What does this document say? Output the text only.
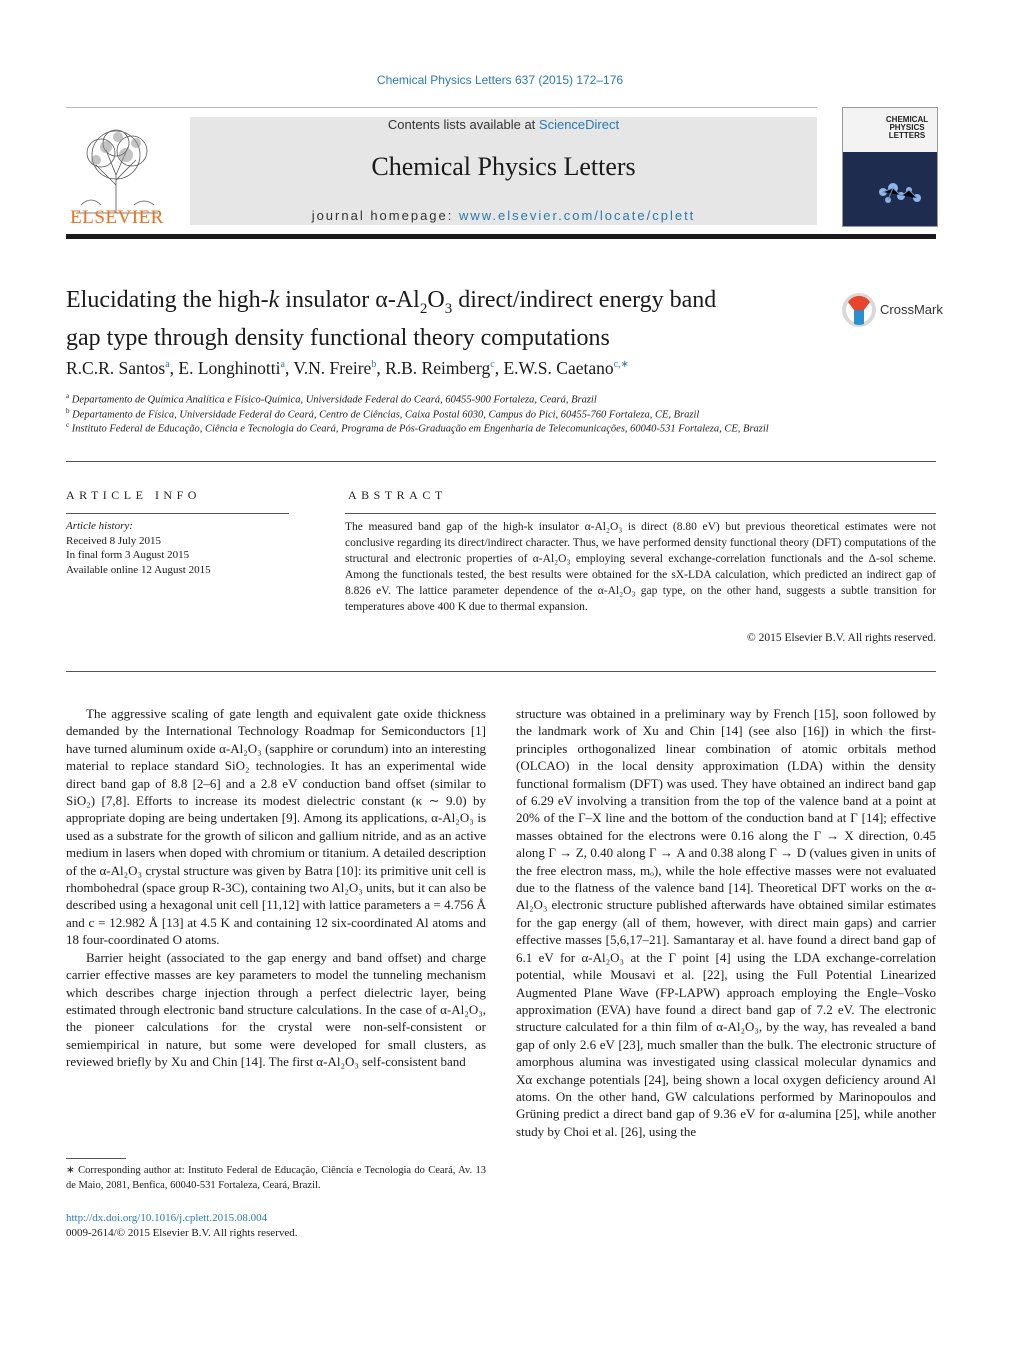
Chemical Physics Letters 637 (2015) 172–176
ELSEVIER
Contents lists available at ScienceDirect
Chemical Physics Letters
journal homepage: www.elsevier.com/locate/cplett
CHEMICAL PHYSICS LETTERS
Elucidating the high-k insulator $\alpha-Al_2O_3$ direct/indirect energy band
gap type through density functional theory computations
CrossMark
R.C.R. Santos$^a$, E. Longhinotti$^a$, V.N. Freire$^b$, R.B. Reimberg$^c$, E.W.S. Caetano$^{c,∗}$
$^a$ Departamento de Química Analítica e Físico-Química, Universidade Federal do Ceará, 60455-900 Fortaleza, Ceará, Brazil
$^b$ Departamento de Física, Universidade Federal do Ceará, Centro de Ciências, Caixa Postal 6030, Campus do Pici, 60455-760 Fortaleza, CE, Brazil
$^c$ Instituto Federal de Educação, Ciência e Tecnologia do Ceará, Programa de Pós-Graduação em Engenharia de Telecomunicações, 60040-531 Fortaleza, CE, Brazil
ARTICLE INFO	ABSTRACT
Article history:
Received 8 July 2015
In final form 3 August 2015
Available online 12 August 2015
The measured band gap of the high-k insulator α-Al₂O₃ is direct (8.80 eV) but previous theoretical estimates were not conclusive regarding its direct/indirect character. Thus, we have performed density functional theory (DFT) computations of the structural and electronic properties of α-Al₂O₃ employing several exchange-correlation functionals and the Δ-sol scheme. Among the functionals tested, the best results were obtained for the sX-LDA calculation, which predicted an indirect gap of 8.826 eV. The lattice parameter dependence of the α-Al₂O₃ gap type, on the other hand, suggests a subtle transition for temperatures above 400 K due to thermal expansion.
© 2015 Elsevier B.V. All rights reserved.

The aggressive scaling of gate length and equivalent gate oxide thickness demanded by the International Technology Roadmap for Semiconductors [1] have turned aluminum oxide α-Al₂O₃ (sapphire or corundum) into an interesting material to replace standard SiO₂ technologies. It has an experimental wide direct band gap of 8.8 [2–6] and a 2.8 eV conduction band offset (similar to SiO₂) [7,8]. Efforts to increase its modest dielectric constant (κ ∼ 9.0) by appropriate doping are being undertaken [9]. Among its applications, α-Al₂O₃ is used as a substrate for the growth of silicon and gallium nitride, and as an active medium in lasers when doped with chromium or titanium. A detailed description of the α-Al₂O₃ crystal structure was given by Batra [10]: its primitive unit cell is rhombohedral (space group R-3C), containing two Al₂O₃ units, but it can also be described using a hexagonal unit cell [11,12] with lattice parameters a = 4.756 Å and c = 12.982 Å [13] at 4.5 K and containing 12 six-coordinated Al atoms and 18 four-coordinated O atoms.

Barrier height (associated to the gap energy and band offset) and charge carrier effective masses are key parameters to model the tunneling mechanism which describes charge injection through a perfect dielectric layer, being estimated through electronic band structure calculations. In the case of α-Al₂O₃, the pioneer calculations for the crystal were non-self-consistent or semiempirical in nature, but some were developed for small clusters, as reviewed briefly by Xu and Chin [14]. The first α-Al₂O₃ self-consistent band

structure was obtained in a preliminary way by French [15], soon followed by the landmark work of Xu and Chin [14] (see also [16]) in which the first-principles orthogonalized linear combination of atomic orbitals method (OLCAO) in the local density approximation (LDA) within the density functional formalism (DFT) was used. They have obtained an indirect band gap of 6.29 eV involving a transition from the top of the valence band at a point at 20% of the Γ–X line and the bottom of the conduction band at Γ [14]; effective masses obtained for the electrons were 0.16 along the Γ → X direction, 0.45 along Γ → Z, 0.40 along Γ → A and 0.38 along Γ → D (values given in units of the free electron mass, mₒ), while the hole effective masses were not evaluated due to the flatness of the valence band [14]. Theoretical DFT works on the α-Al₂O₃ electronic structure published afterwards have obtained similar estimates for the gap energy (all of them, however, with direct main gaps) and carrier effective masses [5,6,17–21]. Samantaray et al. have found a direct band gap of 6.1 eV for α-Al₂O₃ at the Γ point [4] using the LDA exchange-correlation potential, while Mousavi et al. [22], using the Full Potential Linearized Augmented Plane Wave (FP-LAPW) approach employing the Engle–Vosko approximation (EVA) have found a direct band gap of 7.2 eV. The electronic structure calculated for a thin film of α-Al₂O₃, by the way, has revealed a band gap of only 2.6 eV [23], much smaller than the bulk. The electronic structure of amorphous alumina was investigated using classical molecular dynamics and Xα exchange potentials [24], being shown a local oxygen deficiency around Al atoms. On the other hand, GW calculations performed by Marinopoulos and Grüning predict a direct band gap of 9.36 eV for α-alumina [25], while another study by Choi et al. [26], using the

∗ Corresponding author at: Instituto Federal de Educação, Ciência e Tecnologia do Ceará, Av. 13 de Maio, 2081, Benfica, 60040-531 Fortaleza, Ceará, Brazil.
http://dx.doi.org/10.1016/j.cplett.2015.08.004
0009-2614/© 2015 Elsevier B.V. All rights reserved.
